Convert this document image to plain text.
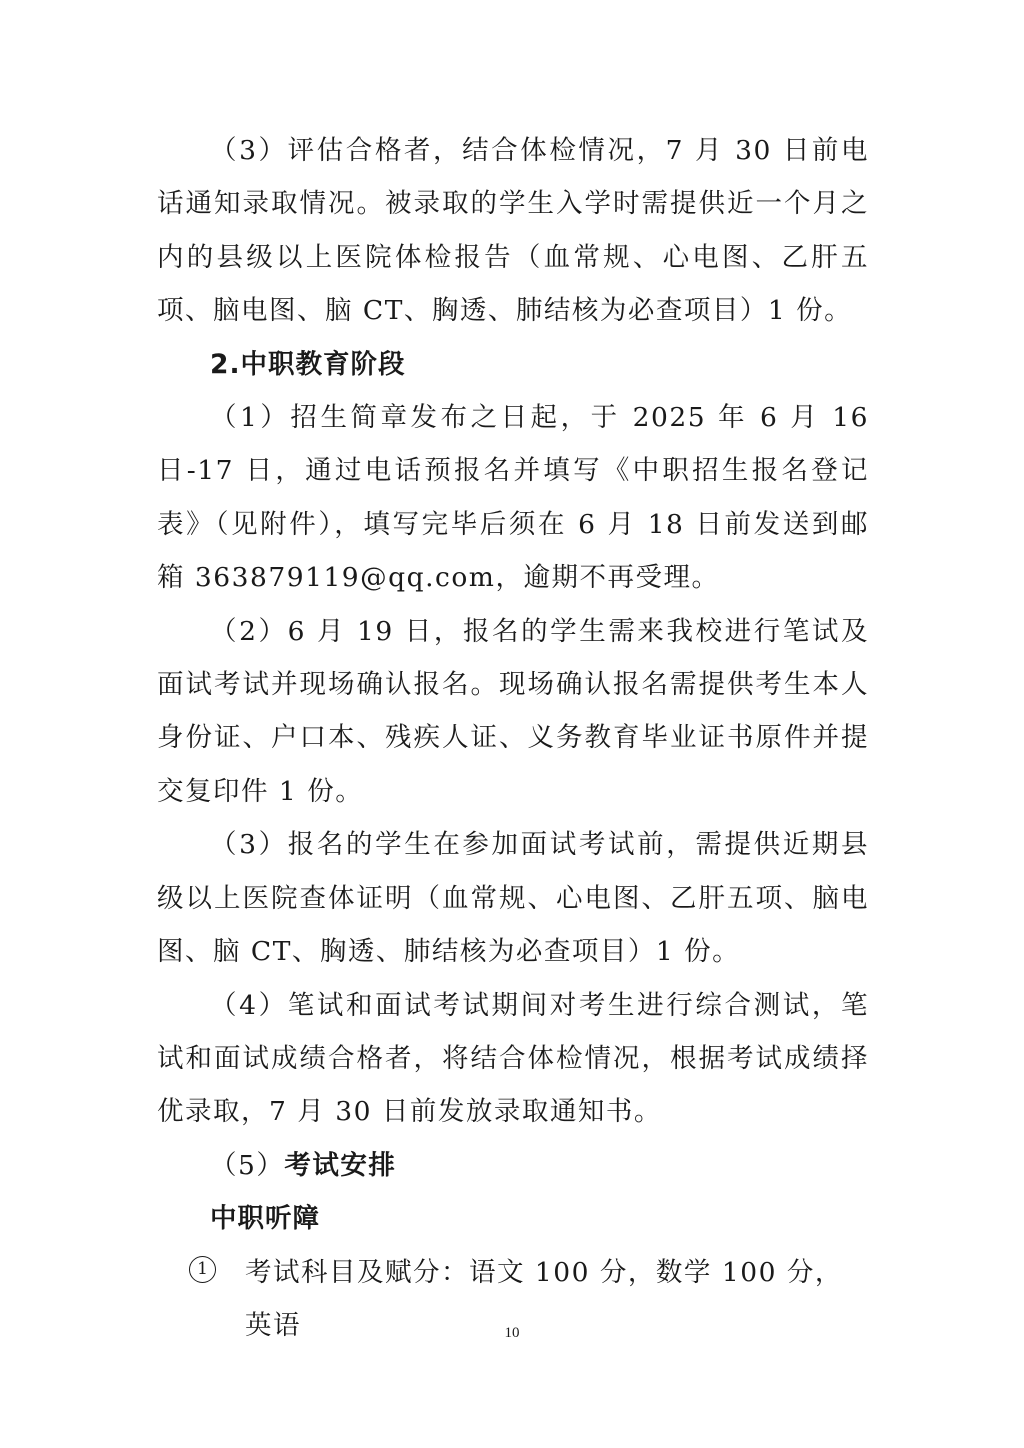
（3）评估合格者，结合体检情况，7 月 30 日前电话通知录取情况。被录取的学生入学时需提供近一个月之内的县级以上医院体检报告（血常规、心电图、乙肝五项、脑电图、脑 CT、胸透、肺结核为必查项目）1 份。

2.中职教育阶段

（1）招生简章发布之日起，于 2025 年 6 月 16 日-17 日，通过电话预报名并填写《中职招生报名登记表》（见附件），填写完毕后须在 6 月 18 日前发送到邮箱 363879119@qq.com，逾期不再受理。

（2）6 月 19 日，报名的学生需来我校进行笔试及面试考试并现场确认报名。现场确认报名需提供考生本人身份证、户口本、残疾人证、义务教育毕业证书原件并提交复印件 1 份。

（3）报名的学生在参加面试考试前，需提供近期县级以上医院查体证明（血常规、心电图、乙肝五项、脑电图、脑 CT、胸透、肺结核为必查项目）1 份。

（4）笔试和面试考试期间对考生进行综合测试，笔试和面试成绩合格者，将结合体检情况，根据考试成绩择优录取，7 月 30 日前发放录取通知书。

（5）考试安排

中职听障

1	考试科目及赋分：语文 100 分，数学 100 分，英语	10
